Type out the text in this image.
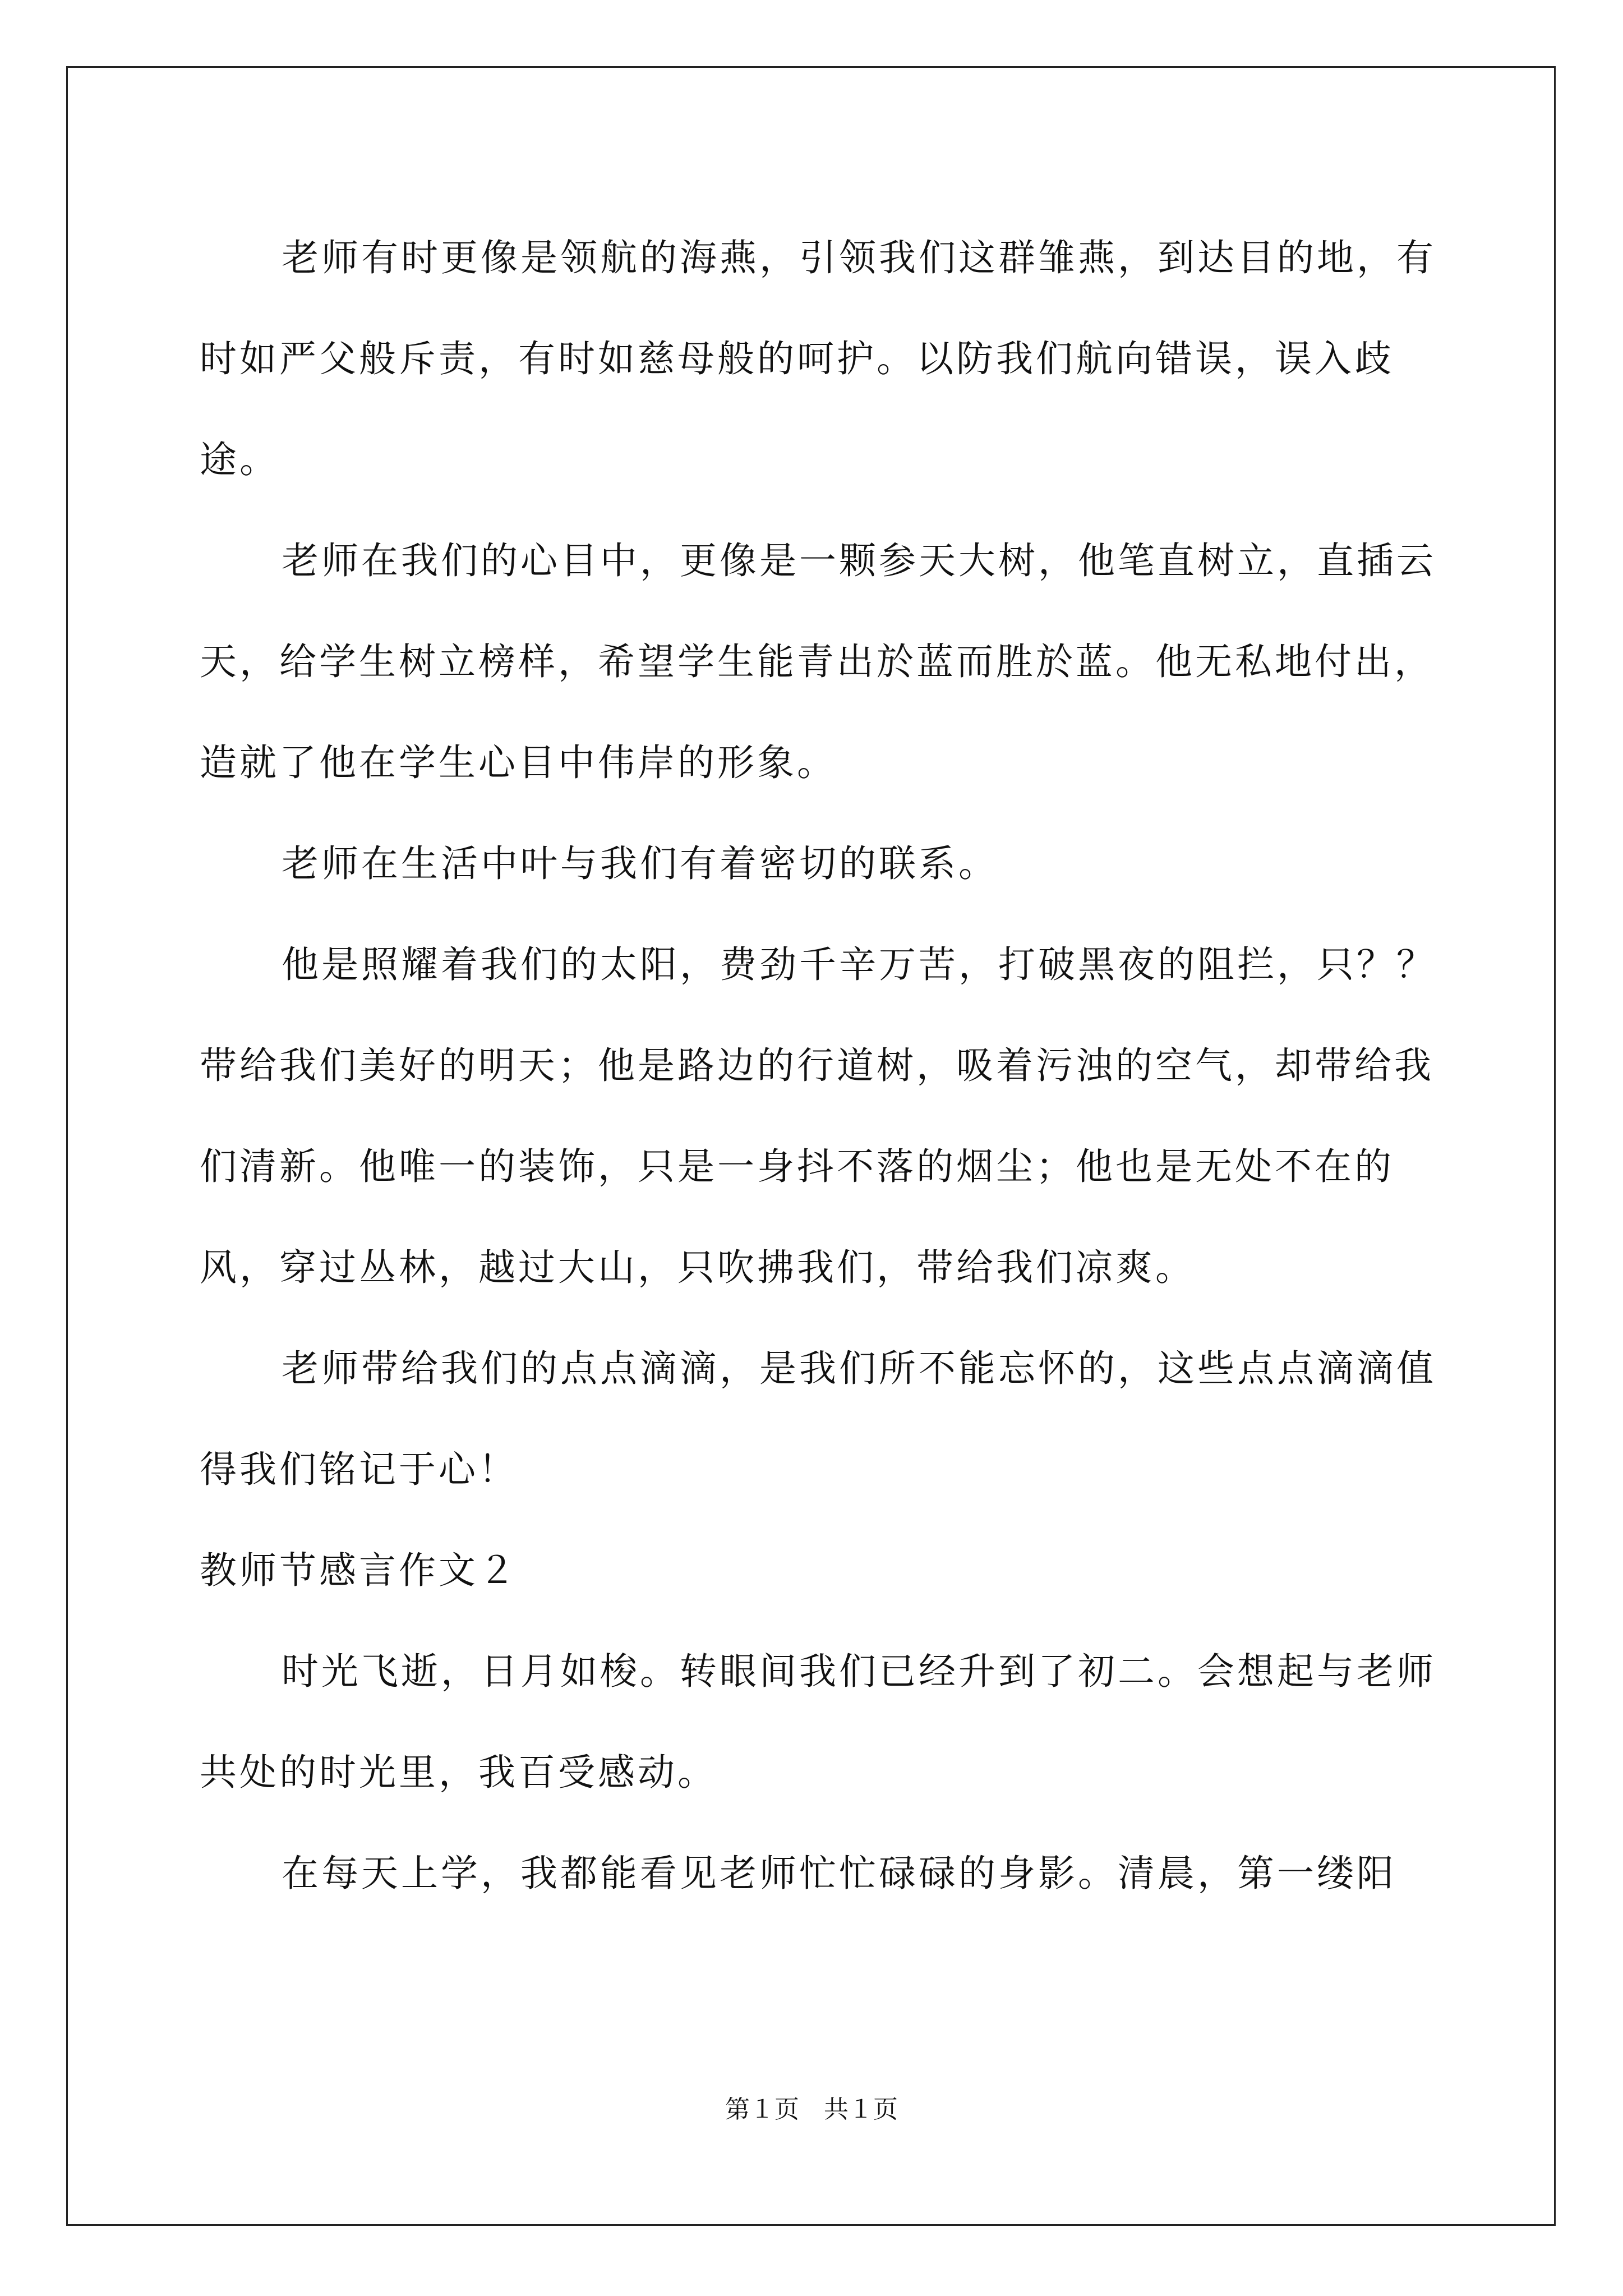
老师有时更像是领航的海燕，引领我们这群雏燕，到达目的地，有时如严父般斥责，有时如慈母般的呵护。以防我们航向错误，误入歧途。

老师在我们的心目中，更像是一颗参天大树，他笔直树立，直插云天，给学生树立榜样，希望学生能青出於蓝而胜於蓝。他无私地付出，造就了他在学生心目中伟岸的形象。

老师在生活中叶与我们有着密切的联系。

他是照耀着我们的太阳，费劲千辛万苦，打破黑夜的阻拦，只？？带给我们美好的明天；他是路边的行道树，吸着污浊的空气，却带给我们清新。他唯一的装饰，只是一身抖不落的烟尘；他也是无处不在的风，穿过丛林，越过大山，只吹拂我们，带给我们凉爽。

老师带给我们的点点滴滴，是我们所不能忘怀的，这些点点滴滴值得我们铭记于心！

教师节感言作文２

时光飞逝，日月如梭。转眼间我们已经升到了初二。会想起与老师共处的时光里，我百受感动。

在每天上学，我都能看见老师忙忙碌碌的身影。清晨，第一缕阳

第１页　共１页
